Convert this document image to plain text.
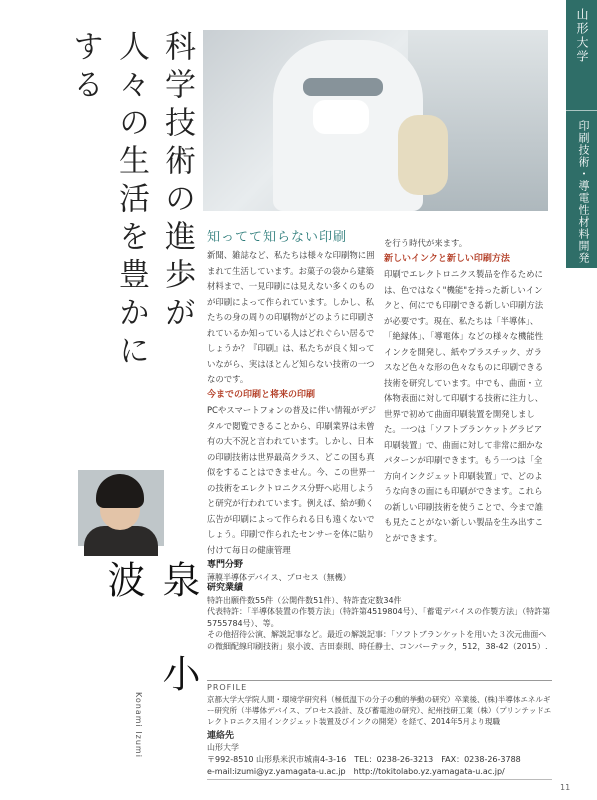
科学技術の進歩が人々の生活を豊かにする	山形大学
印刷技術・導電性材料開発
知ってて知らない印刷

新聞、雑誌など、私たちは様々な印刷物に囲まれて生活しています。お菓子の袋から建築材料まで、一見印刷には見えない多くのものが印刷によって作られています。しかし、私たちの身の周りの印刷物がどのように印刷されているか知っている人はどれぐらい居るでしょうか？『印刷』は、私たちが良く知っていながら、実はほとんど知らない技術の一つなのです。

今までの印刷と将来の印刷

PCやスマートフォンの普及に伴い情報がデジタルで閲覧できることから、印刷業界は未曾有の大不況と言われています。しかし、日本の印刷技術は世界最高クラス、どこの国も真似をすることはできません。今、この世界一の技術をエレクトロニクス分野へ応用しようと研究が行われています。例えば、給が動く広告が印刷によって作られる日も遠くないでしょう。印刷で作られたセンサーを体に貼り付けて毎日の健康管理

を行う時代が来ます。

新しいインクと新しい印刷方法

印刷でエレクトロニクス製品を作るためには、色ではなく"機能"を持った新しいインクと、何にでも印刷できる新しい印刷方法が必要です。現在、私たちは「半導体」、「絶縁体」、「導電体」などの様々な機能性インクを開発し、紙やプラスチック、ガラスなど色々な形の色々なものに印刷できる技術を研究しています。中でも、曲面・立体物表面に対して印刷する技術に注力し、世界で初めて曲面印刷装置を開発しました。一つは「ソフトブランケットグラビア印刷装置」で、曲面に対して非常に細かなパターンが印刷できます。もう一つは「全方向インクジェット印刷装置」で、どのような向きの面にも印刷ができます。これらの新しい印刷技術を使うことで、今まで誰も見たことがない新しい製品を生み出すことができます。

泉小波
Konami Izumi
専門分野
薄膜半導体デバイス、プロセス（無機）
研究業績
特許出願件数55件（公開件数51件）、特許査定数34件
代表特許：「半導体装置の作製方法」（特許第4519804号）、「蓄電デバイスの作製方法」（特許第5755784号）、等。
その他招待公演、解説記事など。最近の解説記事：「ソフトブランケットを用いた３次元曲面への微細配線印刷技術」泉小波、吉田泰則、時任静士、コンバーテック，512，38-42（2015）.
PROFILE
京都大学大学院人間・環境学研究科（極低温下の分子の動的挙動の研究）卒業後、(株)半導体エネルギー研究所（半導体デバイス、プロセス設計、及び蓄電池の研究）、紀州技研工業（株）（プリンテッドエレクトロニクス用インクジェット装置及びインクの開発）を経て、2014年5月より現職
連絡先
山形大学
〒992-8510 山形県米沢市城南4-3-16　TEL：0238-26-3213　FAX：0238-26-3788
e-mail:izumi@yz.yamagata-u.ac.jp　http://tokitolabo.yz.yamagata-u.ac.jp/
11
